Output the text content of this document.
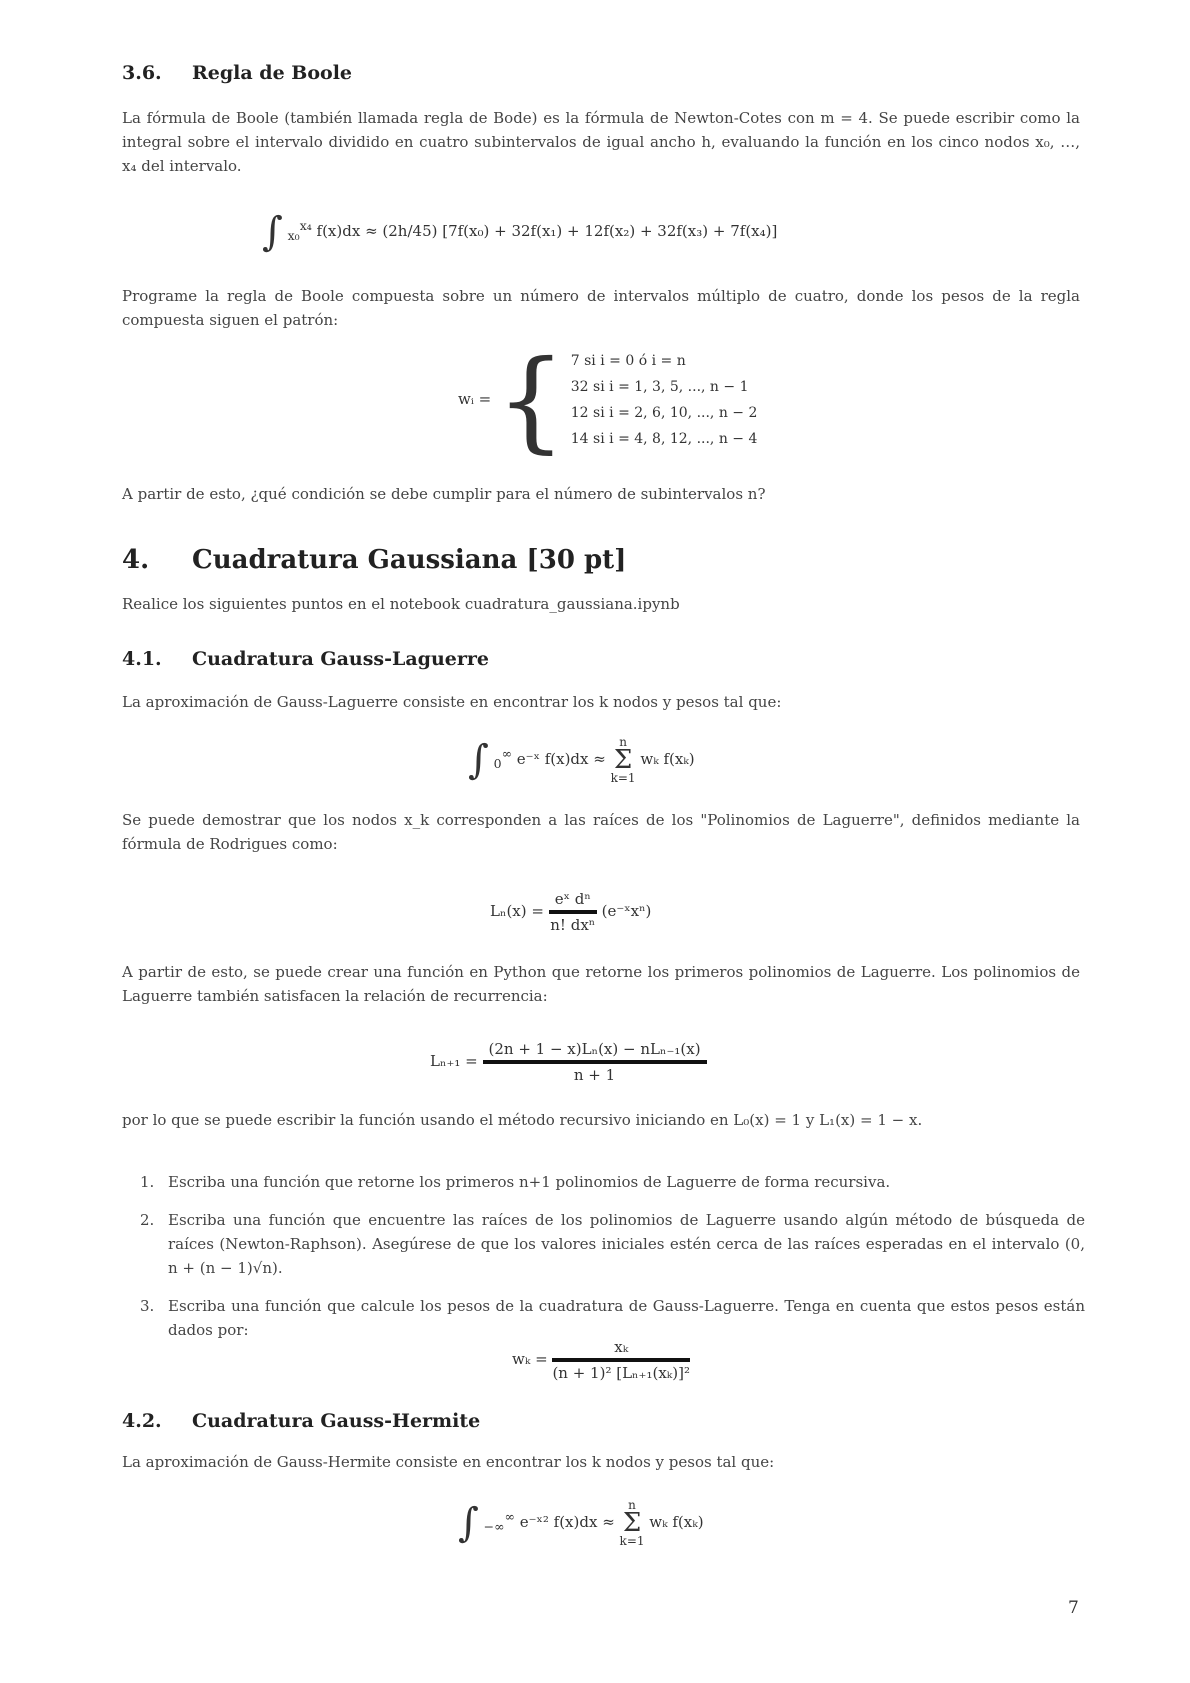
3.6. Regla de Boole
La fórmula de Boole (también llamada regla de Bode) es la fórmula de Newton-Cotes con m = 4. Se puede escribir como la integral sobre el intervalo dividido en cuatro subintervalos de igual ancho h, evaluando la función en los cinco nodos x₀, …, x₄ del intervalo.
∫ $_{x_0}^{x_4}$ f(x)dx ≈ (2h/45) [7f(x₀) + 32f(x₁) + 12f(x₂) + 32f(x₃) + 7f(x₄)]
Programe la regla de Boole compuesta sobre un número de intervalos múltiplo de cuatro, donde los pesos de la regla compuesta siguen el patrón:
wᵢ = { 7 si i = 0 ó i = n
32 si i = 1, 3, 5, ..., n − 1
12 si i = 2, 6, 10, ..., n − 2
14 si i = 4, 8, 12, ..., n − 4
A partir de esto, ¿qué condición se debe cumplir para el número de subintervalos n?
4. Cuadratura Gaussiana [30 pt]
Realice los siguientes puntos en el notebook cuadratura_gaussiana.ipynb
4.1. Cuadratura Gauss-Laguerre
La aproximación de Gauss-Laguerre consiste en encontrar los k nodos y pesos tal que:
∫ $_0$∞ e⁻ˣ f(x)dx ≈
n
Σ
k=1
wₖ f(xₖ)
Se puede demostrar que los nodos x_k corresponden a las raíces de los "Polinomios de Laguerre", definidos mediante la fórmula de Rodrigues como:
$L_n(x) = \frac{\text{eˣ dⁿ}}{\text{n! dxⁿ}}$ (e⁻ˣxⁿ)
A partir de esto, se puede crear una función en Python que retorne los primeros polinomios de Laguerre. Los polinomios de Laguerre también satisfacen la relación de recurrencia:
$L_{n+1} = \frac{\text{(2n + 1 − x)Lₙ(x) − nLₙ₋₁(x)}}{n + 1}$
por lo que se puede escribir la función usando el método recursivo iniciando en L₀(x) = 1 y L₁(x) = 1 − x.
1. Escriba una función que retorne los primeros n+1 polinomios de Laguerre de forma recursiva.
2. Escriba una función que encuentre las raíces de los polinomios de Laguerre usando algún método de búsqueda de raíces (Newton-Raphson). Asegúrese de que los valores iniciales estén cerca de las raíces esperadas en el intervalo (0, n + (n − 1)√n).
3. Escriba una función que calcule los pesos de la cuadratura de Gauss-Laguerre. Tenga en cuenta que estos pesos están dados por:
$w_k = \frac{\text{xₖ}}{\text{(n + 1)² [Lₙ₊₁(xₖ)]²}}$
4.2. Cuadratura Gauss-Hermite
La aproximación de Gauss-Hermite consiste en encontrar los k nodos y pesos tal que:
∫ $_{-\infty}$∞ e⁻ˣ² f(x)dx ≈
n
Σ
k=1
wₖ f(xₖ)
7
